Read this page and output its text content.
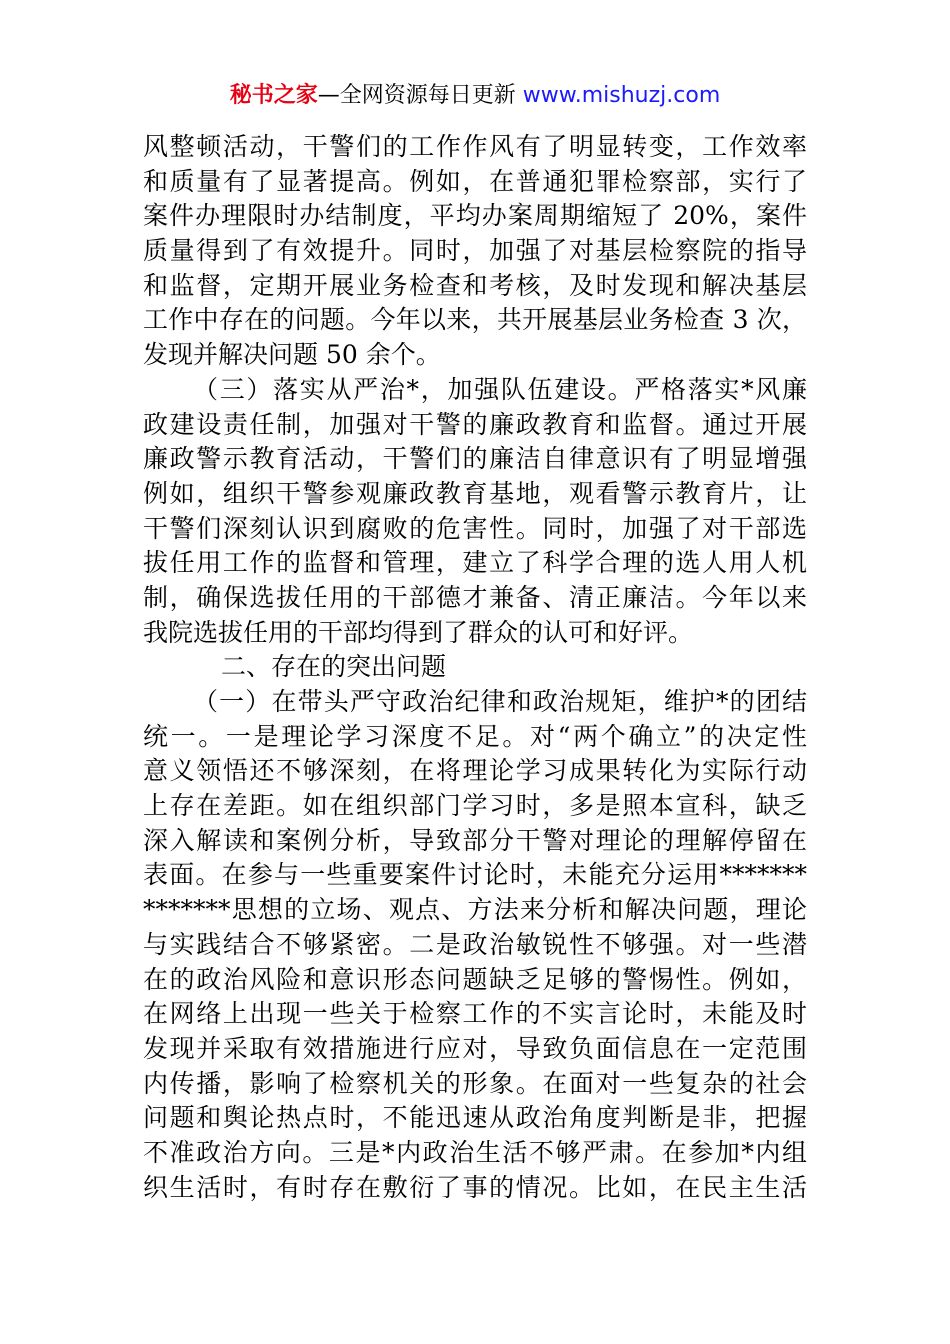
秘书之家—全网资源每日更新 www.mishuzj.com
风整顿活动，干警们的工作作风有了明显转变，工作效率
和质量有了显著提高。例如，在普通犯罪检察部，实行了
案件办理限时办结制度，平均办案周期缩短了 20%，案件
质量得到了有效提升。同时，加强了对基层检察院的指导
和监督，定期开展业务检查和考核，及时发现和解决基层
工作中存在的问题。今年以来，共开展基层业务检查 3 次，
发现并解决问题 50 余个。
（三）落实从严治*，加强队伍建设。严格落实*风廉
政建设责任制，加强对干警的廉政教育和监督。通过开展
廉政警示教育活动，干警们的廉洁自律意识有了明显增强
例如，组织干警参观廉政教育基地，观看警示教育片，让
干警们深刻认识到腐败的危害性。同时，加强了对干部选
拔任用工作的监督和管理，建立了科学合理的选人用人机
制，确保选拔任用的干部德才兼备、清正廉洁。今年以来
我院选拔任用的干部均得到了群众的认可和好评。
二、存在的突出问题
（一）在带头严守政治纪律和政治规矩，维护*的团结
统一。一是理论学习深度不足。对“两个确立”的决定性
意义领悟还不够深刻，在将理论学习成果转化为实际行动
上存在差距。如在组织部门学习时，多是照本宣科，缺乏
深入解读和案例分析，导致部分干警对理论的理解停留在
表面。在参与一些重要案件讨论时，未能充分运用*******
*******思想的立场、观点、方法来分析和解决问题，理论
与实践结合不够紧密。二是政治敏锐性不够强。对一些潜
在的政治风险和意识形态问题缺乏足够的警惕性。例如，
在网络上出现一些关于检察工作的不实言论时，未能及时
发现并采取有效措施进行应对，导致负面信息在一定范围
内传播，影响了检察机关的形象。在面对一些复杂的社会
问题和舆论热点时，不能迅速从政治角度判断是非，把握
不准政治方向。三是*内政治生活不够严肃。在参加*内组
织生活时，有时存在敷衍了事的情况。比如，在民主生活
